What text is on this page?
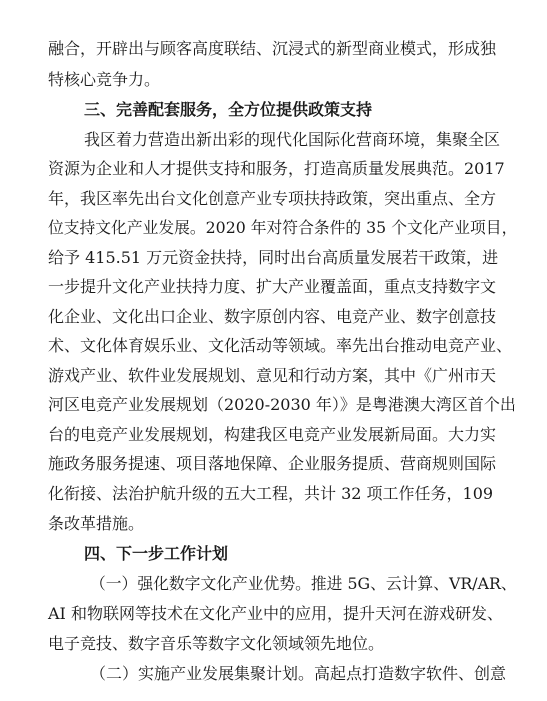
融合，开辟出与顾客高度联结、沉浸式的新型商业模式，形成独
特核心竞争力。
三、完善配套服务，全方位提供政策支持
我区着力营造出新出彩的现代化国际化营商环境，集聚全区
资源为企业和人才提供支持和服务，打造高质量发展典范。2017
年，我区率先出台文化创意产业专项扶持政策，突出重点、全方
位支持文化产业发展。2020 年对符合条件的 35 个文化产业项目，
给予 415.51 万元资金扶持，同时出台高质量发展若干政策，进
一步提升文化产业扶持力度、扩大产业覆盖面，重点支持数字文
化企业、文化出口企业、数字原创内容、电竞产业、数字创意技
术、文化体育娱乐业、文化活动等领域。率先出台推动电竞产业、
游戏产业、软件业发展规划、意见和行动方案，其中《广州市天
河区电竞产业发展规划（2020-2030 年）》是粤港澳大湾区首个出
台的电竞产业发展规划，构建我区电竞产业发展新局面。大力实
施政务服务提速、项目落地保障、企业服务提质、营商规则国际
化衔接、法治护航升级的五大工程，共计 32 项工作任务，109
条改革措施。
四、下一步工作计划
（一）强化数字文化产业优势。推进 5G、云计算、VR/AR、
AI 和物联网等技术在文化产业中的应用，提升天河在游戏研发、
电子竞技、数字音乐等数字文化领域领先地位。
（二）实施产业发展集聚计划。高起点打造数字软件、创意
